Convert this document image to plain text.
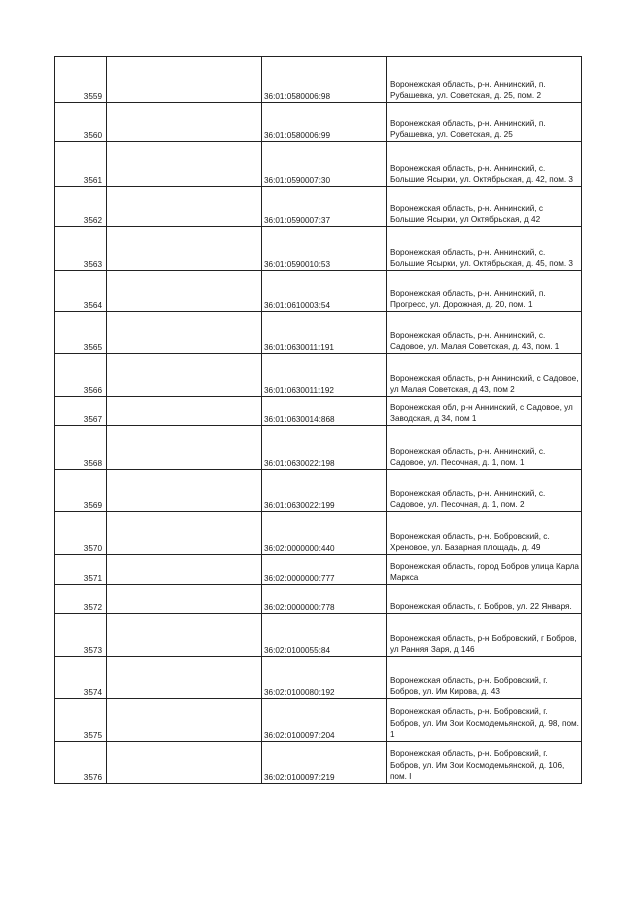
3559		36:01:0580006:98	Воронежская область, р-н. Аннинский, п. Рубашевка, ул. Советская, д. 25, пом. 2
3560		36:01:0580006:99	Воронежская область, р-н. Аннинский, п. Рубашевка, ул. Советская, д. 25
3561		36:01:0590007:30	Воронежская область, р-н. Аннинский, с. Большие Ясырки, ул. Октябрьская, д. 42, пом. 3
3562		36:01:0590007:37	Воронежская область, р-н. Аннинский, с Большие Ясырки, ул Октябрьская, д 42
3563		36:01:0590010:53	Воронежская область, р-н. Аннинский, с. Большие Ясырки, ул. Октябрьская, д. 45, пом. 3
3564		36:01:0610003:54	Воронежская область, р-н. Аннинский, п. Прогресс, ул. Дорожная, д. 20, пом. 1
3565		36:01:0630011:191	Воронежская область, р-н. Аннинский, с. Садовое, ул. Малая Советская, д. 43, пом. 1
3566		36:01:0630011:192	Воронежская область, р-н Аннинский, с Садовое, ул Малая Советская, д 43, пом 2
3567		36:01:0630014:868	Воронежская обл, р-н Аннинский, с Садовое, ул Заводская, д 34, пом 1
3568		36:01:0630022:198	Воронежская область, р-н. Аннинский, с. Садовое, ул. Песочная, д. 1, пом. 1
3569		36:01:0630022:199	Воронежская область, р-н. Аннинский, с. Садовое, ул. Песочная, д. 1, пом. 2
3570		36:02:0000000:440	Воронежская область, р-н. Бобровский, с. Хреновое, ул. Базарная площадь, д. 49
3571		36:02:0000000:777	Воронежская область, город Бобров улица Карла Маркса
3572		36:02:0000000:778	Воронежская область, г. Бобров, ул. 22 Января.
3573		36:02:0100055:84	Воронежская область, р-н Бобровский, г Бобров, ул Ранняя Заря, д 146
3574		36:02:0100080:192	Воронежская область, р-н. Бобровский, г. Бобров, ул. Им Кирова, д. 43
3575		36:02:0100097:204	Воронежская область, р-н. Бобровский, г. Бобров, ул. Им Зои Космодемьянской, д. 98, пом. 1
3576		36:02:0100097:219	Воронежская область, р-н. Бобровский, г. Бобров, ул. Им Зои Космодемьянской, д. 106, пом. I
